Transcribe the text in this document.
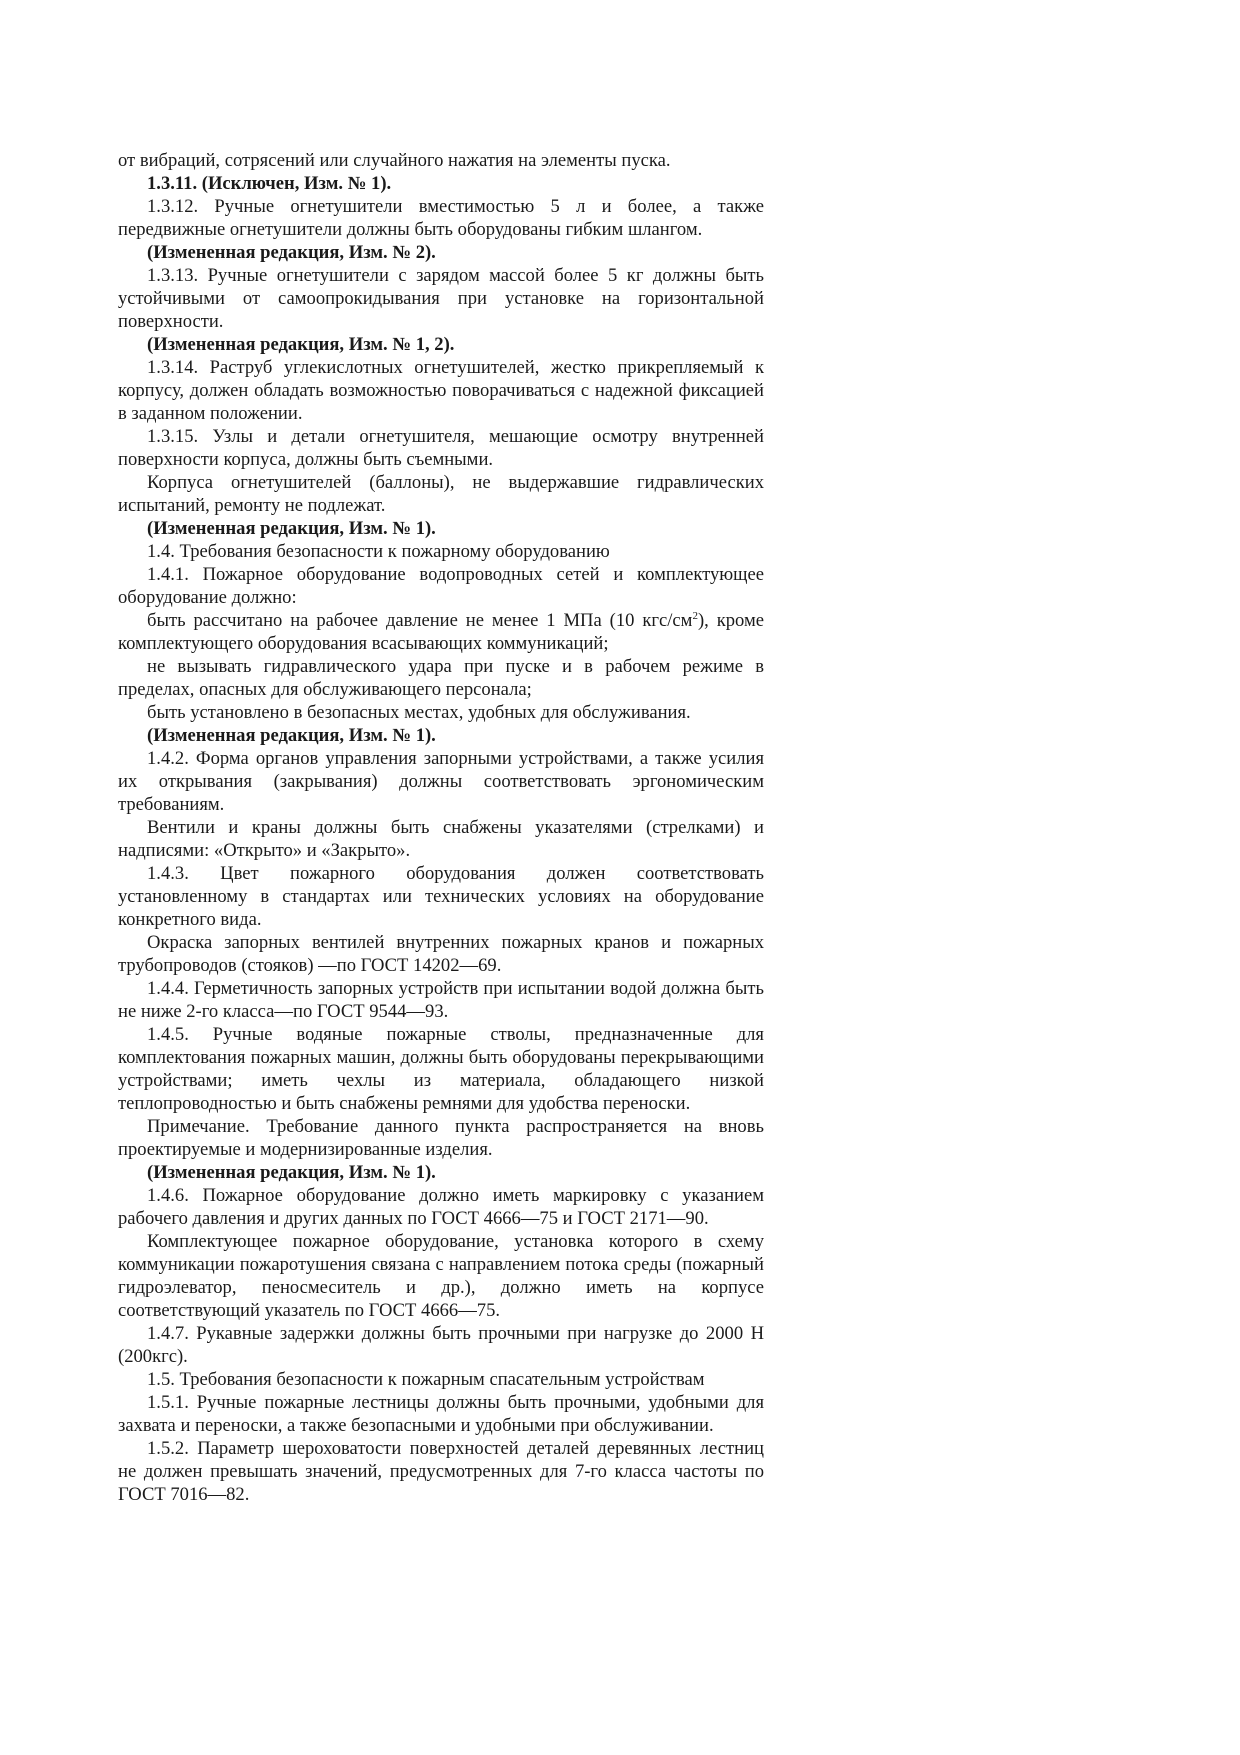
от вибраций, сотрясений или случайного нажатия на элементы пуска.

1.3.11. (Исключен, Изм. № 1).

1.3.12. Ручные огнетушители вместимостью 5 л и более, а также передвижные огнетушители должны быть оборудованы гибким шлангом.

(Измененная редакция, Изм. № 2).

1.3.13. Ручные огнетушители с зарядом массой более 5 кг должны быть устойчивыми от самоопрокидывания при установке на горизонтальной поверхности.

(Измененная редакция, Изм. № 1, 2).

1.3.14. Раструб углекислотных огнетушителей, жестко прикрепляемый к корпусу, должен обладать возможностью поворачиваться с надежной фиксацией в заданном положении.

1.3.15. Узлы и детали огнетушителя, мешающие осмотру внутренней поверхности корпуса, должны быть съемными.

Корпуса огнетушителей (баллоны), не выдержавшие гидравлических испытаний, ремонту не подлежат.

(Измененная редакция, Изм. № 1).

1.4. Требования безопасности к пожарному оборудованию

1.4.1. Пожарное оборудование водопроводных сетей и комплектующее оборудование должно:

быть рассчитано на рабочее давление не менее 1 МПа (10 кгс/$см^2$), кроме комплектующего оборудования всасывающих коммуникаций;

не вызывать гидравлического удара при пуске и в рабочем режиме в пределах, опасных для обслуживающего персонала;

быть установлено в безопасных местах, удобных для обслуживания.

(Измененная редакция, Изм. № 1).

1.4.2. Форма органов управления запорными устройствами, а также усилия их открывания (закрывания) должны соответствовать эргономическим требованиям.

Вентили и краны должны быть снабжены указателями (стрелками) и надписями: «Открыто» и «Закрыто».

1.4.3. Цвет пожарного оборудования должен соответствовать установленному в стандартах или технических условиях на оборудование конкретного вида.

Окраска запорных вентилей внутренних пожарных кранов и пожарных трубопроводов (стояков) —по ГОСТ 14202—69.

1.4.4. Герметичность запорных устройств при испытании водой должна быть не ниже 2-го класса—по ГОСТ 9544—93.

1.4.5. Ручные водяные пожарные стволы, предназначенные для комплектования пожарных машин, должны быть оборудованы перекрывающими устройствами; иметь чехлы из материала, обладающего низкой теплопроводностью и быть снабжены ремнями для удобства переноски.

Примечание. Требование данного пункта распространяется на вновь проектируемые и модернизированные изделия.

(Измененная редакция, Изм. № 1).

1.4.6. Пожарное оборудование должно иметь маркировку с указанием рабочего давления и других данных по ГОСТ 4666—75 и ГОСТ 2171—90.

Комплектующее пожарное оборудование, установка которого в схему коммуникации пожаротушения связана с направлением потока среды (пожарный гидроэлеватор, пеносмеситель и др.), должно иметь на корпусе соответствующий указатель по ГОСТ 4666—75.

1.4.7. Рукавные задержки должны быть прочными при нагрузке до 2000 Н (200кгс).

1.5. Требования безопасности к пожарным спасательным устройствам

1.5.1. Ручные пожарные лестницы должны быть прочными, удобными для захвата и переноски, а также безопасными и удобными при обслуживании.

1.5.2. Параметр шероховатости поверхностей деталей деревянных лестниц не должен превышать значений, предусмотренных для 7-го класса частоты по ГОСТ 7016—82.
